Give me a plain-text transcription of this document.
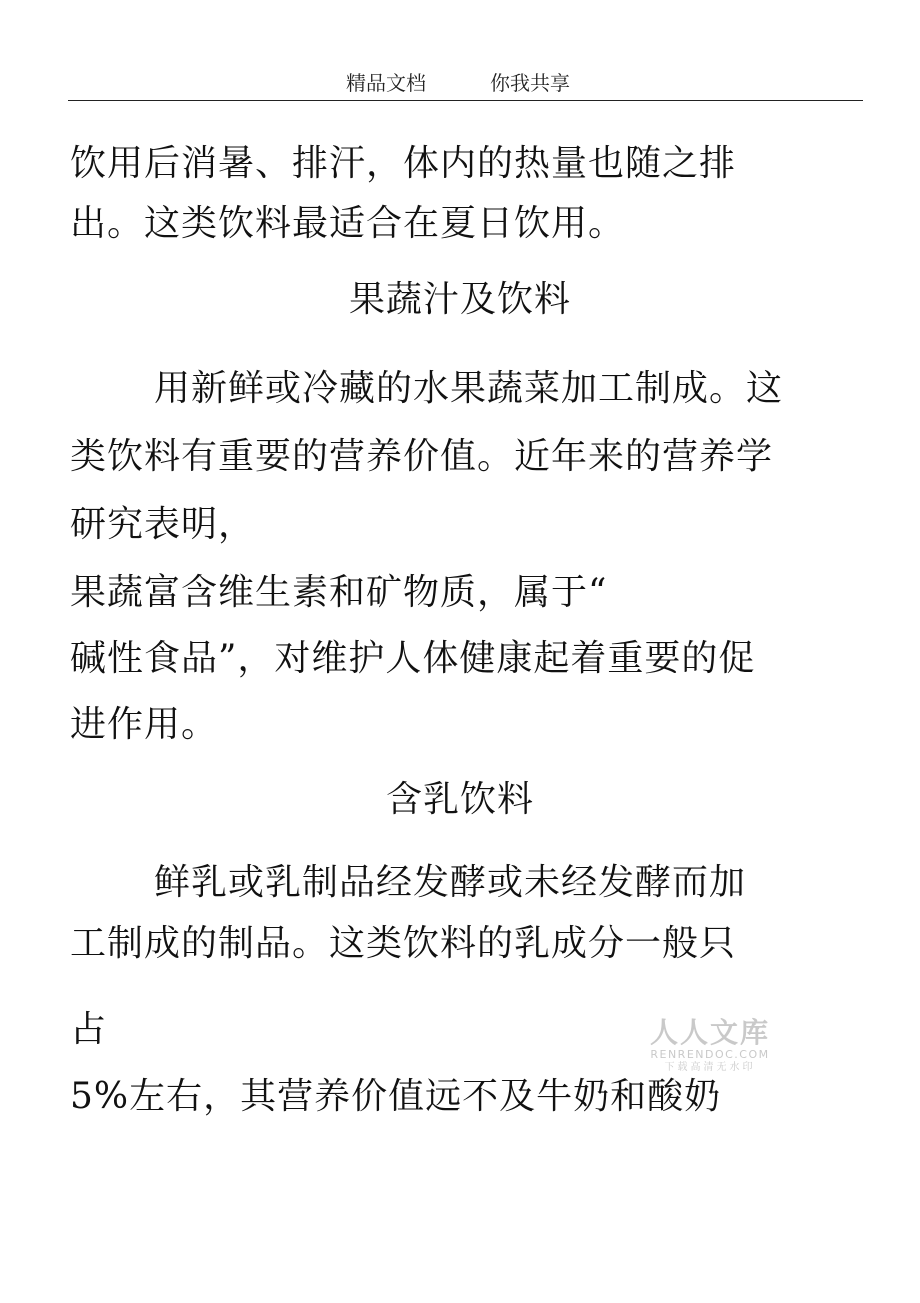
精品文档	你我共享
饮用后消暑、排汗，体内的热量也随之排
出。这类饮料最适合在夏日饮用。
果蔬汁及饮料
用新鲜或冷藏的水果蔬菜加工制成。这
类饮料有重要的营养价值。近年来的营养学
研究表明，
果蔬富含维生素和矿物质，属于“
碱性食品”，对维护人体健康起着重要的促
进作用。
含乳饮料
鲜乳或乳制品经发酵或未经发酵而加
工制成的制品。这类饮料的乳成分一般只
占
5%左右，其营养价值远不及牛奶和酸奶
人人文库
RENRENDOC.COM
下载高清无水印
